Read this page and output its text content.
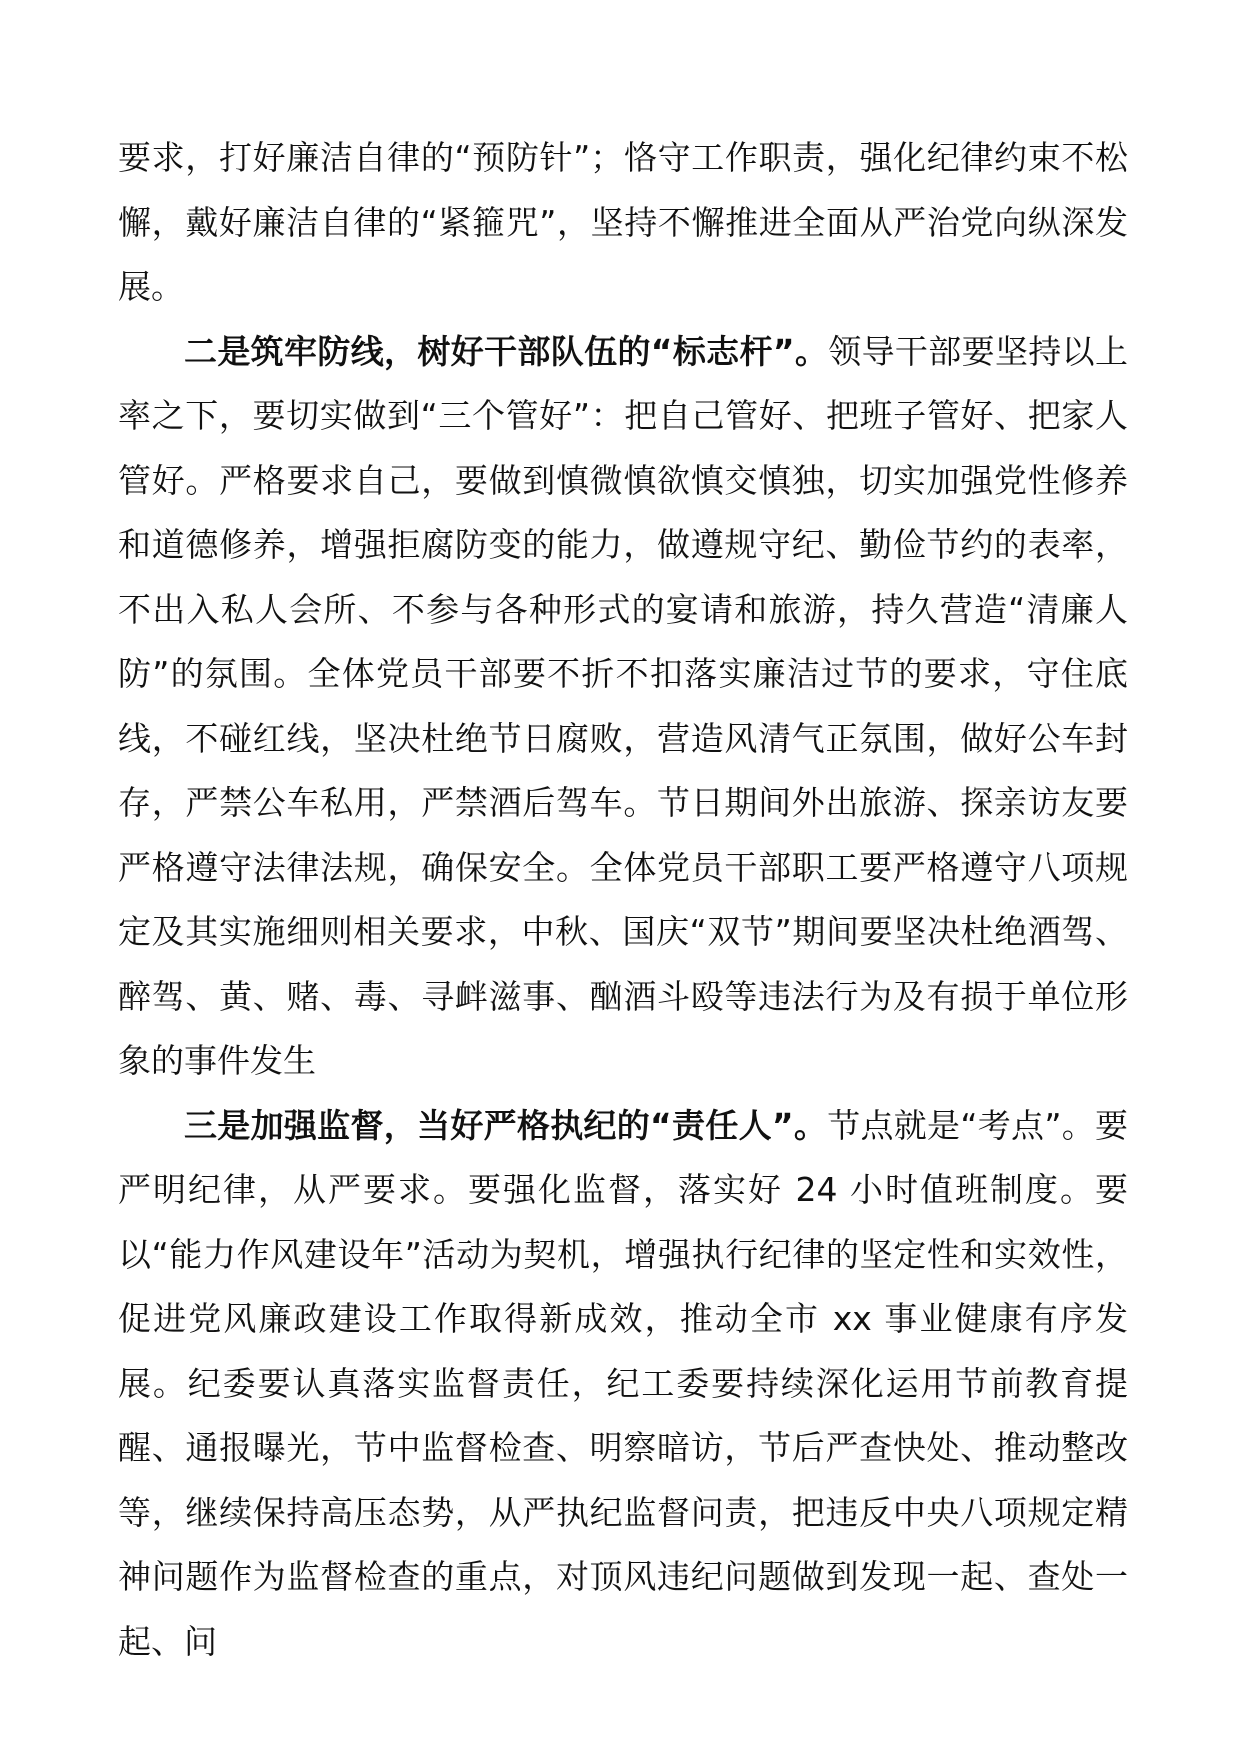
要求，打好廉洁自律的“预防针”；恪守工作职责，强化纪律约束不松懈，戴好廉洁自律的“紧箍咒”，坚持不懈推进全面从严治党向纵深发展。

二是筑牢防线，树好干部队伍的“标志杆”。领导干部要坚持以上率之下，要切实做到“三个管好”：把自己管好、把班子管好、把家人管好。严格要求自己，要做到慎微慎欲慎交慎独，切实加强党性修养和道德修养，增强拒腐防变的能力，做遵规守纪、勤俭节约的表率，不出入私人会所、不参与各种形式的宴请和旅游，持久营造“清廉人防”的氛围。全体党员干部要不折不扣落实廉洁过节的要求，守住底线，不碰红线，坚决杜绝节日腐败，营造风清气正氛围，做好公车封存，严禁公车私用，严禁酒后驾车。节日期间外出旅游、探亲访友要严格遵守法律法规，确保安全。全体党员干部职工要严格遵守八项规定及其实施细则相关要求，中秋、国庆“双节”期间要坚决杜绝酒驾、醉驾、黄、赌、毒、寻衅滋事、酗酒斗殴等违法行为及有损于单位形象的事件发生

三是加强监督，当好严格执纪的“责任人”。节点就是“考点”。要严明纪律，从严要求。要强化监督，落实好 24 小时值班制度。要以“能力作风建设年”活动为契机，增强执行纪律的坚定性和实效性，促进党风廉政建设工作取得新成效，推动全市 xx 事业健康有序发展。纪委要认真落实监督责任，纪工委要持续深化运用节前教育提醒、通报曝光，节中监督检查、明察暗访，节后严查快处、推动整改等，继续保持高压态势，从严执纪监督问责，把违反中央八项规定精神问题作为监督检查的重点，对顶风违纪问题做到发现一起、查处一起、问
